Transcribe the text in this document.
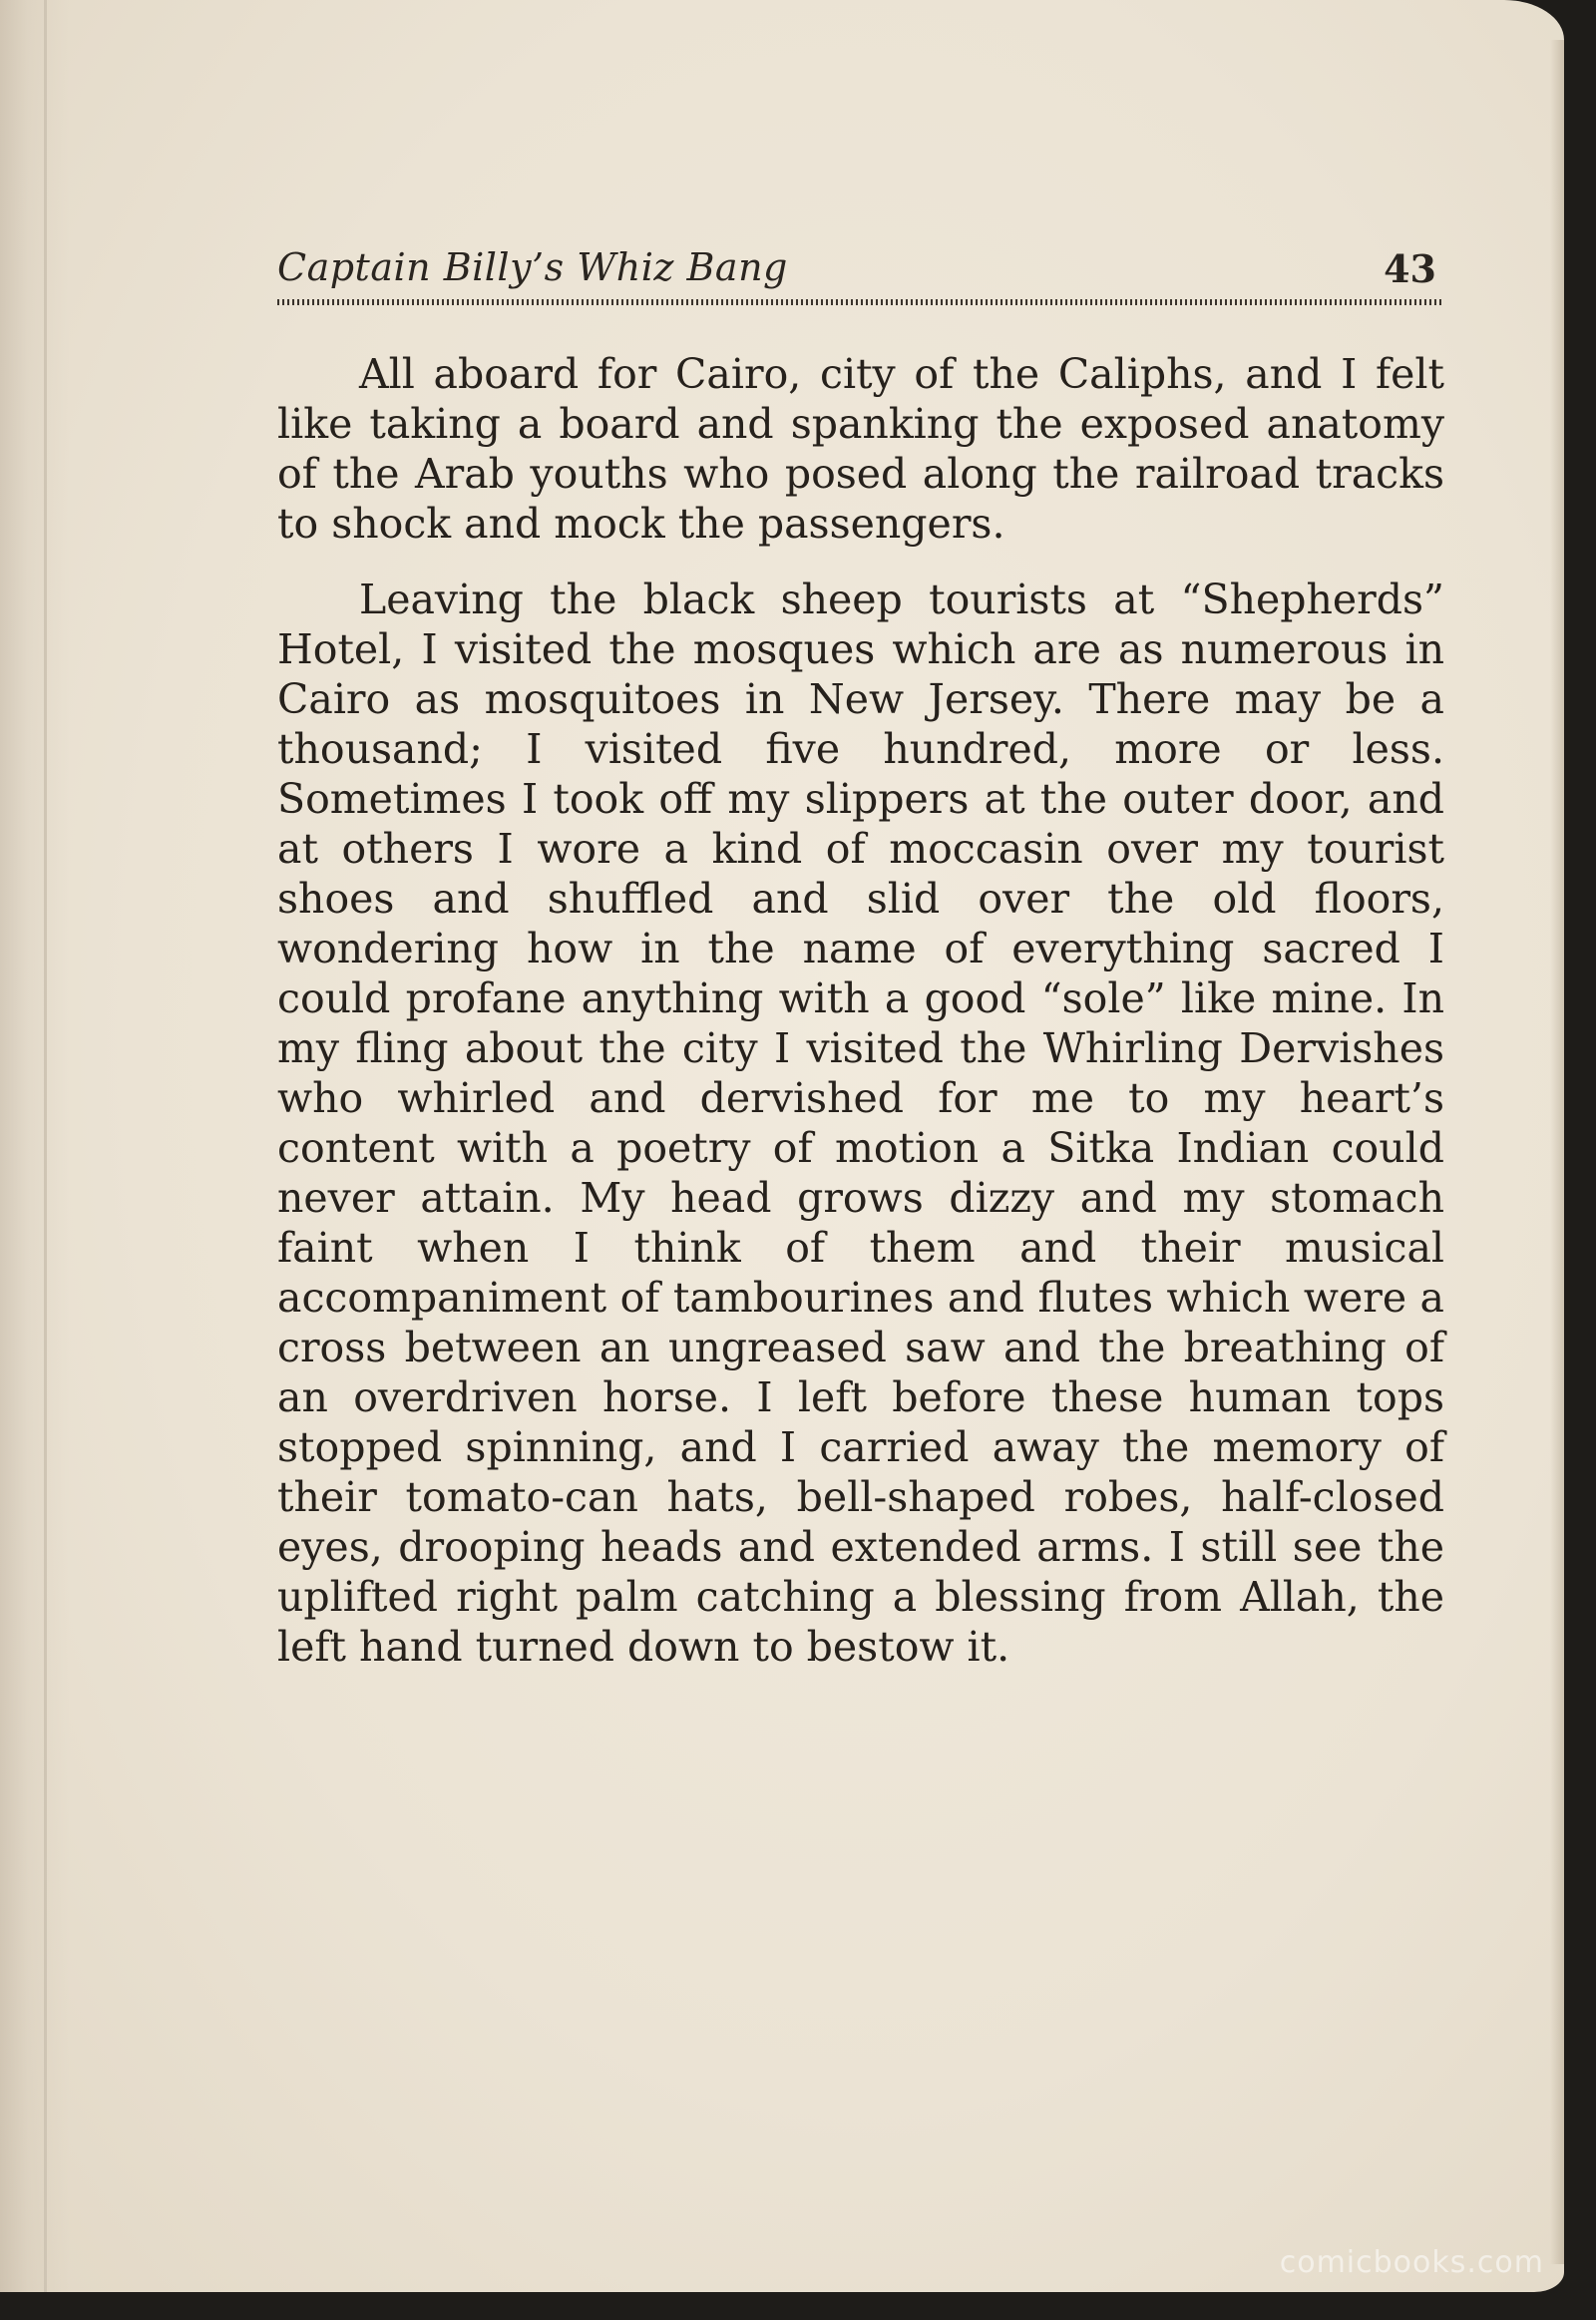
Captain Billy’s Whiz Bang	43

All aboard for Cairo, city of the Caliphs, and I felt like taking a board and spanking the exposed anatomy of the Arab youths who posed along the railroad tracks to shock and mock the passengers.

Leaving the black sheep tourists at “Shepherds” Hotel, I visited the mosques which are as numerous in Cairo as mosquitoes in New Jersey. There may be a thousand; I visited five hundred, more or less. Sometimes I took off my slippers at the outer door, and at others I wore a kind of moccasin over my tourist shoes and shuffled and slid over the old floors, wondering how in the name of everything sacred I could profane anything with a good “sole” like mine. In my fling about the city I visited the Whirling Dervishes who whirled and dervished for me to my heart’s content with a poetry of motion a Sitka Indian could never attain. My head grows dizzy and my stomach faint when I think of them and their musical accompaniment of tambourines and flutes which were a cross between an ungreased saw and the breathing of an overdriven horse. I left before these human tops stopped spinning, and I carried away the memory of their tomato-can hats, bell-shaped robes, half-closed eyes, drooping heads and extended arms. I still see the uplifted right palm catching a blessing from Allah, the left hand turned down to bestow it.

comicbooks.com
